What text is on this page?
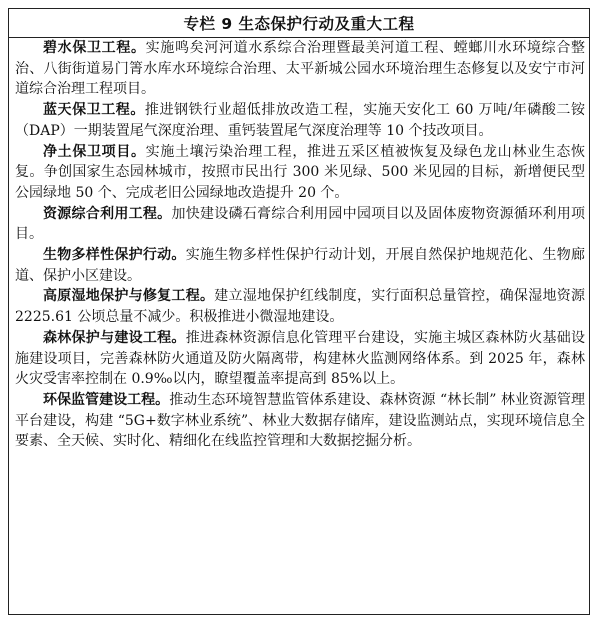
专栏 9 生态保护行动及重大工程

碧水保卫工程。实施鸣矣河河道水系综合治理暨最美河道工程、螳螂川水环境综合整治、八街街道易门箐水库水环境综合治理、太平新城公园水环境治理生态修复以及安宁市河道综合治理工程项目。

蓝天保卫工程。推进钢铁行业超低排放改造工程，实施天安化工 60 万吨/年磷酸二铵（DAP）一期装置尾气深度治理、重钙装置尾气深度治理等 10 个技改项目。

净土保卫项目。实施土壤污染治理工程，推进五采区植被恢复及绿色龙山林业生态恢复。争创国家生态园林城市，按照市民出行 300 米见绿、500 米见园的目标，新增便民型公园绿地 50 个、完成老旧公园绿地改造提升 20 个。

资源综合利用工程。加快建设磷石膏综合利用园中园项目以及固体废物资源循环利用项目。

生物多样性保护行动。实施生物多样性保护行动计划，开展自然保护地规范化、生物廊道、保护小区建设。

高原湿地保护与修复工程。建立湿地保护红线制度，实行面积总量管控，确保湿地资源 2225.61 公顷总量不减少。积极推进小微湿地建设。

森林保护与建设工程。推进森林资源信息化管理平台建设，实施主城区森林防火基础设施建设项目，完善森林防火通道及防火隔离带，构建林火监测网络体系。到 2025 年，森林火灾受害率控制在 0.9‰以内，瞭望覆盖率提高到 85%以上。

环保监管建设工程。推动生态环境智慧监管体系建设、森林资源 “林长制” 林业资源管理平台建设，构建 “5G+数字林业系统”、林业大数据存储库，建设监测站点，实现环境信息全要素、全天候、实时化、精细化在线监控管理和大数据挖掘分析。
